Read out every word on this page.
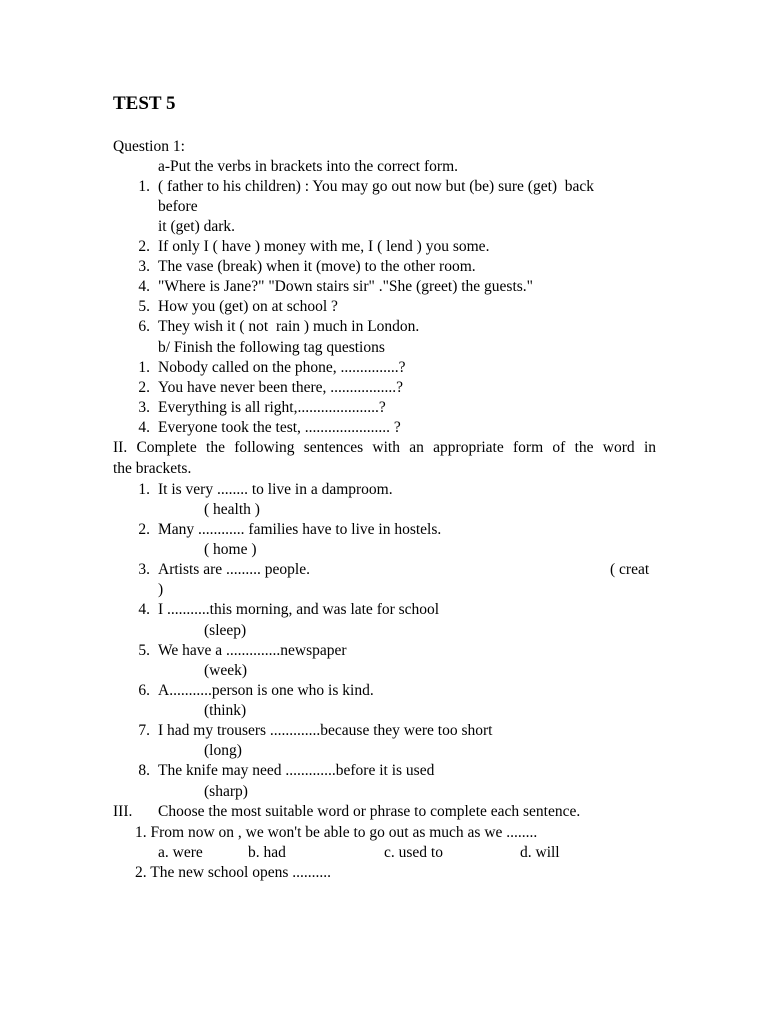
TEST 5
Question 1:
a-Put the verbs in brackets into the correct form.
1. ( father to his children) : You may go out now but (be) sure (get)  back
before
it (get) dark.
2. If only I ( have ) money with me, I ( lend ) you some.
3. The vase (break) when it (move) to the other room.
4. "Where is Jane?" "Down stairs sir" ."She (greet) the guests."
5. How you (get) on at school ?
6. They wish it ( not  rain ) much in London.
b/ Finish the following tag questions
1. Nobody called on the phone, ...............?
2. You have never been there, .................?
3. Everything is all right,.....................?
4. Everyone took the test, ...................... ?
II. Complete the following sentences with an appropriate form of the word in
the brackets.
1. It is very ........ to live in a damproom.
( health )
2. Many ............ families have to live in hostels.
( home )
3. Artists are ......... people.	( creat
)
4. I ...........this morning, and was late for school
(sleep)
5. We have a ..............newspaper
(week)
6. A...........person is one who is kind.
(think)
7. I had my trousers .............because they were too short
(long)
8. The knife may need .............before it is used
(sharp)
III. Choose the most suitable word or phrase to complete each sentence.
1. From now on , we won't be able to go out as much as we ........
a. were	b. had	c. used to	d. will
2. The new school opens ..........
